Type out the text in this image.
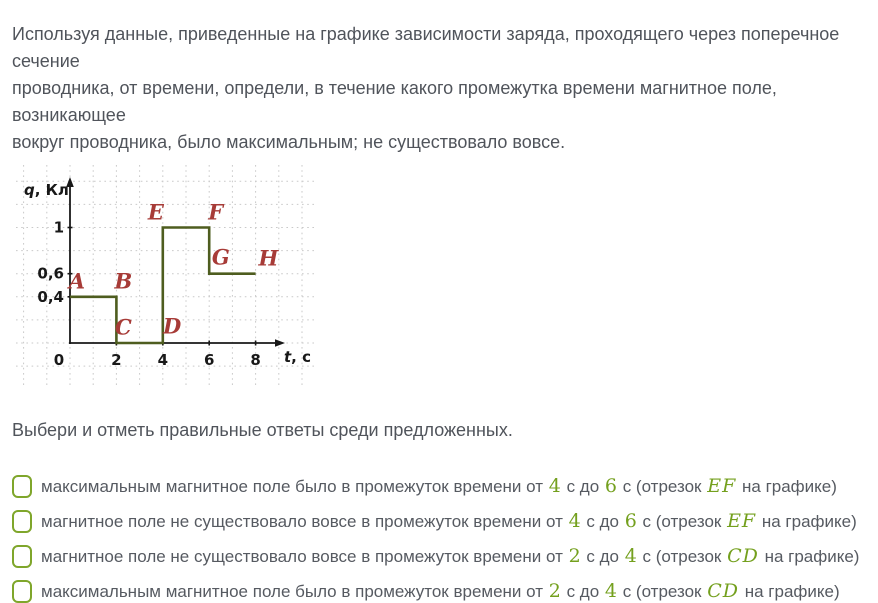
Используя данные, приведенные на графике зависимости заряда, проходящего через поперечное сечение
проводника, от времени, определи, в течение какого промежутка времени магнитное поле, возникающее
вокруг проводника, было максимальным; не существовало вовсе.
0	2 4 6 8
0,4
0,6
1
q, Кл
t, с
A B
C D
E F
G H
Выбери и отметь правильные ответы среди предложенных.
максимальным магнитное поле было в промежуток времени от 4 с до 6 с (отрезок EF на графике)
магнитное поле не существовало вовсе в промежуток времени от 4 с до 6 с (отрезок EF на графике)
магнитное поле не существовало вовсе в промежуток времени от 2 с до 4 с (отрезок CD на графике)
максимальным магнитное поле было в промежуток времени от 2 с до 4 с (отрезок CD на графике)
